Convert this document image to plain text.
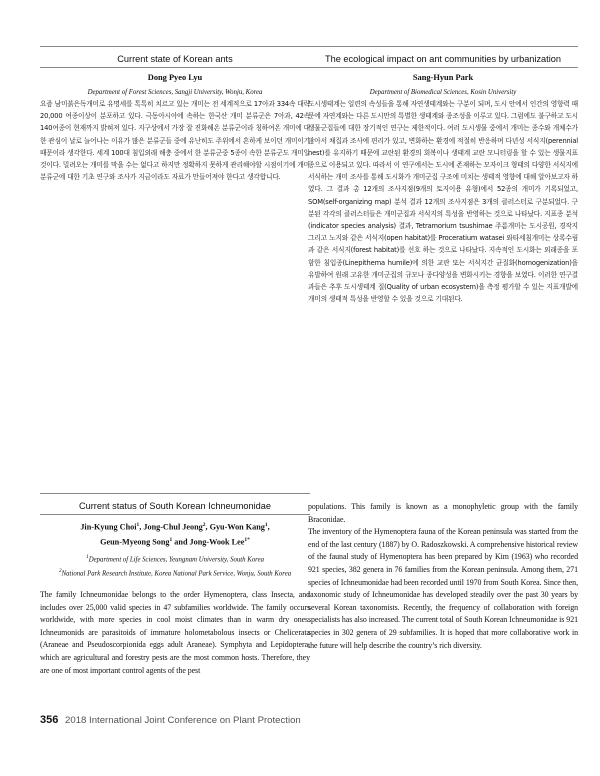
Current state of Korean ants
Dong Pyeo Lyu
Department of Forest Sciences, Sangji University, Wonju, Korea

요즘 남미붉은독개미로 유명세를 톡톡히 치르고 있는 개미는 전 세계적으로 17아과 334속 대략 20,000 여종이상이 분포하고 있다. 극동아시아에 속하는 한국산 개미 분류군은 7아과, 42속 140여종이 현재까지 밝혀져 있다. 지구상에서 가장 잘 진화해온 분류군이라 칭하여온 개미에 대한 관심이 날로 늘어나는 이유가 많은 분류군들 중에 유난히도 주위에서 흔하게 보이던 개미이기 때문이라 생각한다. 세계 100대 침입외래 해충 중에서 한 분류군중 5종이 속한 분류군도 개미일 것이다. 밀려오는 개미를 막을 수는 없다고 하지만 정확하지 못하게 관리해야할 시점이기에 개미분류군에 대한 기초 연구와 조사가 지금이라도 자료가 만들어져야 한다고 생각합니다.

The ecological impact on ant communities by urbanization
Sang-Hyun Park
Department of Biomedical Sciences, Kosin University

도시생태계는 일련의 속성들을 통해 자연생태계와는 구분이 되며, 도시 안에서 인간의 영향력 때문에 자연계와는 다른 도시만의 특별한 생태계와 종조성을 이루고 있다. 그럼에도 불구하고 도시생물군집들에 대한 장기적인 연구는 제한적이다. 여러 도시생물 중에서 개미는 종수와 개체수가 많아서 채집과 조사에 편리가 있고, 변화하는 환경에 적절히 반응하며 다년성 서식지(perennial nest)를 유지하기 때문에 교란된 환경의 회복이나 생태계 교란 모니터링을 할 수 있는 생물지표종으로 이용되고 있다. 따라서 이 연구에서는 도시에 존재하는 모자이크 형태의 다양한 서식지에 서식하는 개미 조사를 통해 도시화가 개미군집 구조에 미치는 생태적 영향에 대해 알아보고자 하였다. 그 결과 총 12개의 조사지점(9개의 토지이용 유형)에서 52종의 개미가 기록되었고, SOM(self-organizing map) 분석 결과 12개의 조사지점은 3개의 클러스터로 구분되었다. 구분된 각각의 클러스터들은 개미군집과 서식지의 특성을 반영하는 것으로 나타났다. 지표종 분석(indicator species analysis) 결과, Tetramorium tsushimae 주름개미는 도시공원, 경작지 그리고 노지와 같은 서식지(open habitat)를 Proceratium watasei 와타세침개미는 상록수림과 같은 서식지(forest habitat)를 선호 하는 것으로 나타났다. 지속적인 도시화는 외래종을 포함한 침입종(Linepithema humile)에 의한 교란 또는 서식지간 균질화(homogenization)을 유발하여 원래 고유한 개미군집의 규모나 종다양성을 변화시키는 경향을 보였다. 이러한 연구결과들은 추후 도시생태계 질(Quality of urban ecosystem)을 측정 평가할 수 있는 지표개발에 개미의 생태적 특성을 반영할 수 있을 것으로 기대된다.

Current status of South Korean Ichneumonidae
Jin-Kyung Choi$^1$, Jong-Chul Jeong$^2$, Gyu-Won Kang$^1$,
Geun-Myeong Song$^1$ and Jong-Wook Lee$^{1*}$
$^1$Department of Life Sciences, Yeungnam University, South Korea
$^2$National Park Research Institute, Korea National Park Service, Wonju, South Korea

The family Ichneumonidae belongs to the order Hymenoptera, class Insecta, and includes over 25,000 valid species in 47 subfamilies worldwide. The family occurs worldwide, with more species in cool moist climates than in warm dry ones. Ichneumonids are parasitoids of immature holometabolous insects or Chelicerata (Araneae and Pseudoscorpionida eggs adult Araneae). Symphyta and Lepidoptera, which are agricultural and forestry pests are the most common hosts. Therefore, they are one of most important control agents of the pest

populations. This family is known as a monophyletic group with the family Braconidae.

The inventory of the Hymenoptera fauna of the Korean peninsula was started from the end of the last century (1887) by O. Radoszkowski. A comprehensive historical review of the faunal study of Hymenoptera has been prepared by Kim (1963) who recorded 921 species, 382 genera in 76 families from the Korean peninsula. Among them, 271 species of Ichneumonidae had been recorded until 1970 from South Korea. Since then, taxonomic study of Ichneumonidae has developed steadily over the past 30 years by several Korean taxonomists. Recently, the frequency of collaboration with foreign specialists has also increased. The current total of South Korean Ichneumonidae is 921 species in 302 genera of 29 subfamilies. It is hoped that more collaborative work in the future will help describe the country’s rich diversity.

356 2018 International Joint Conference on Plant Protection
